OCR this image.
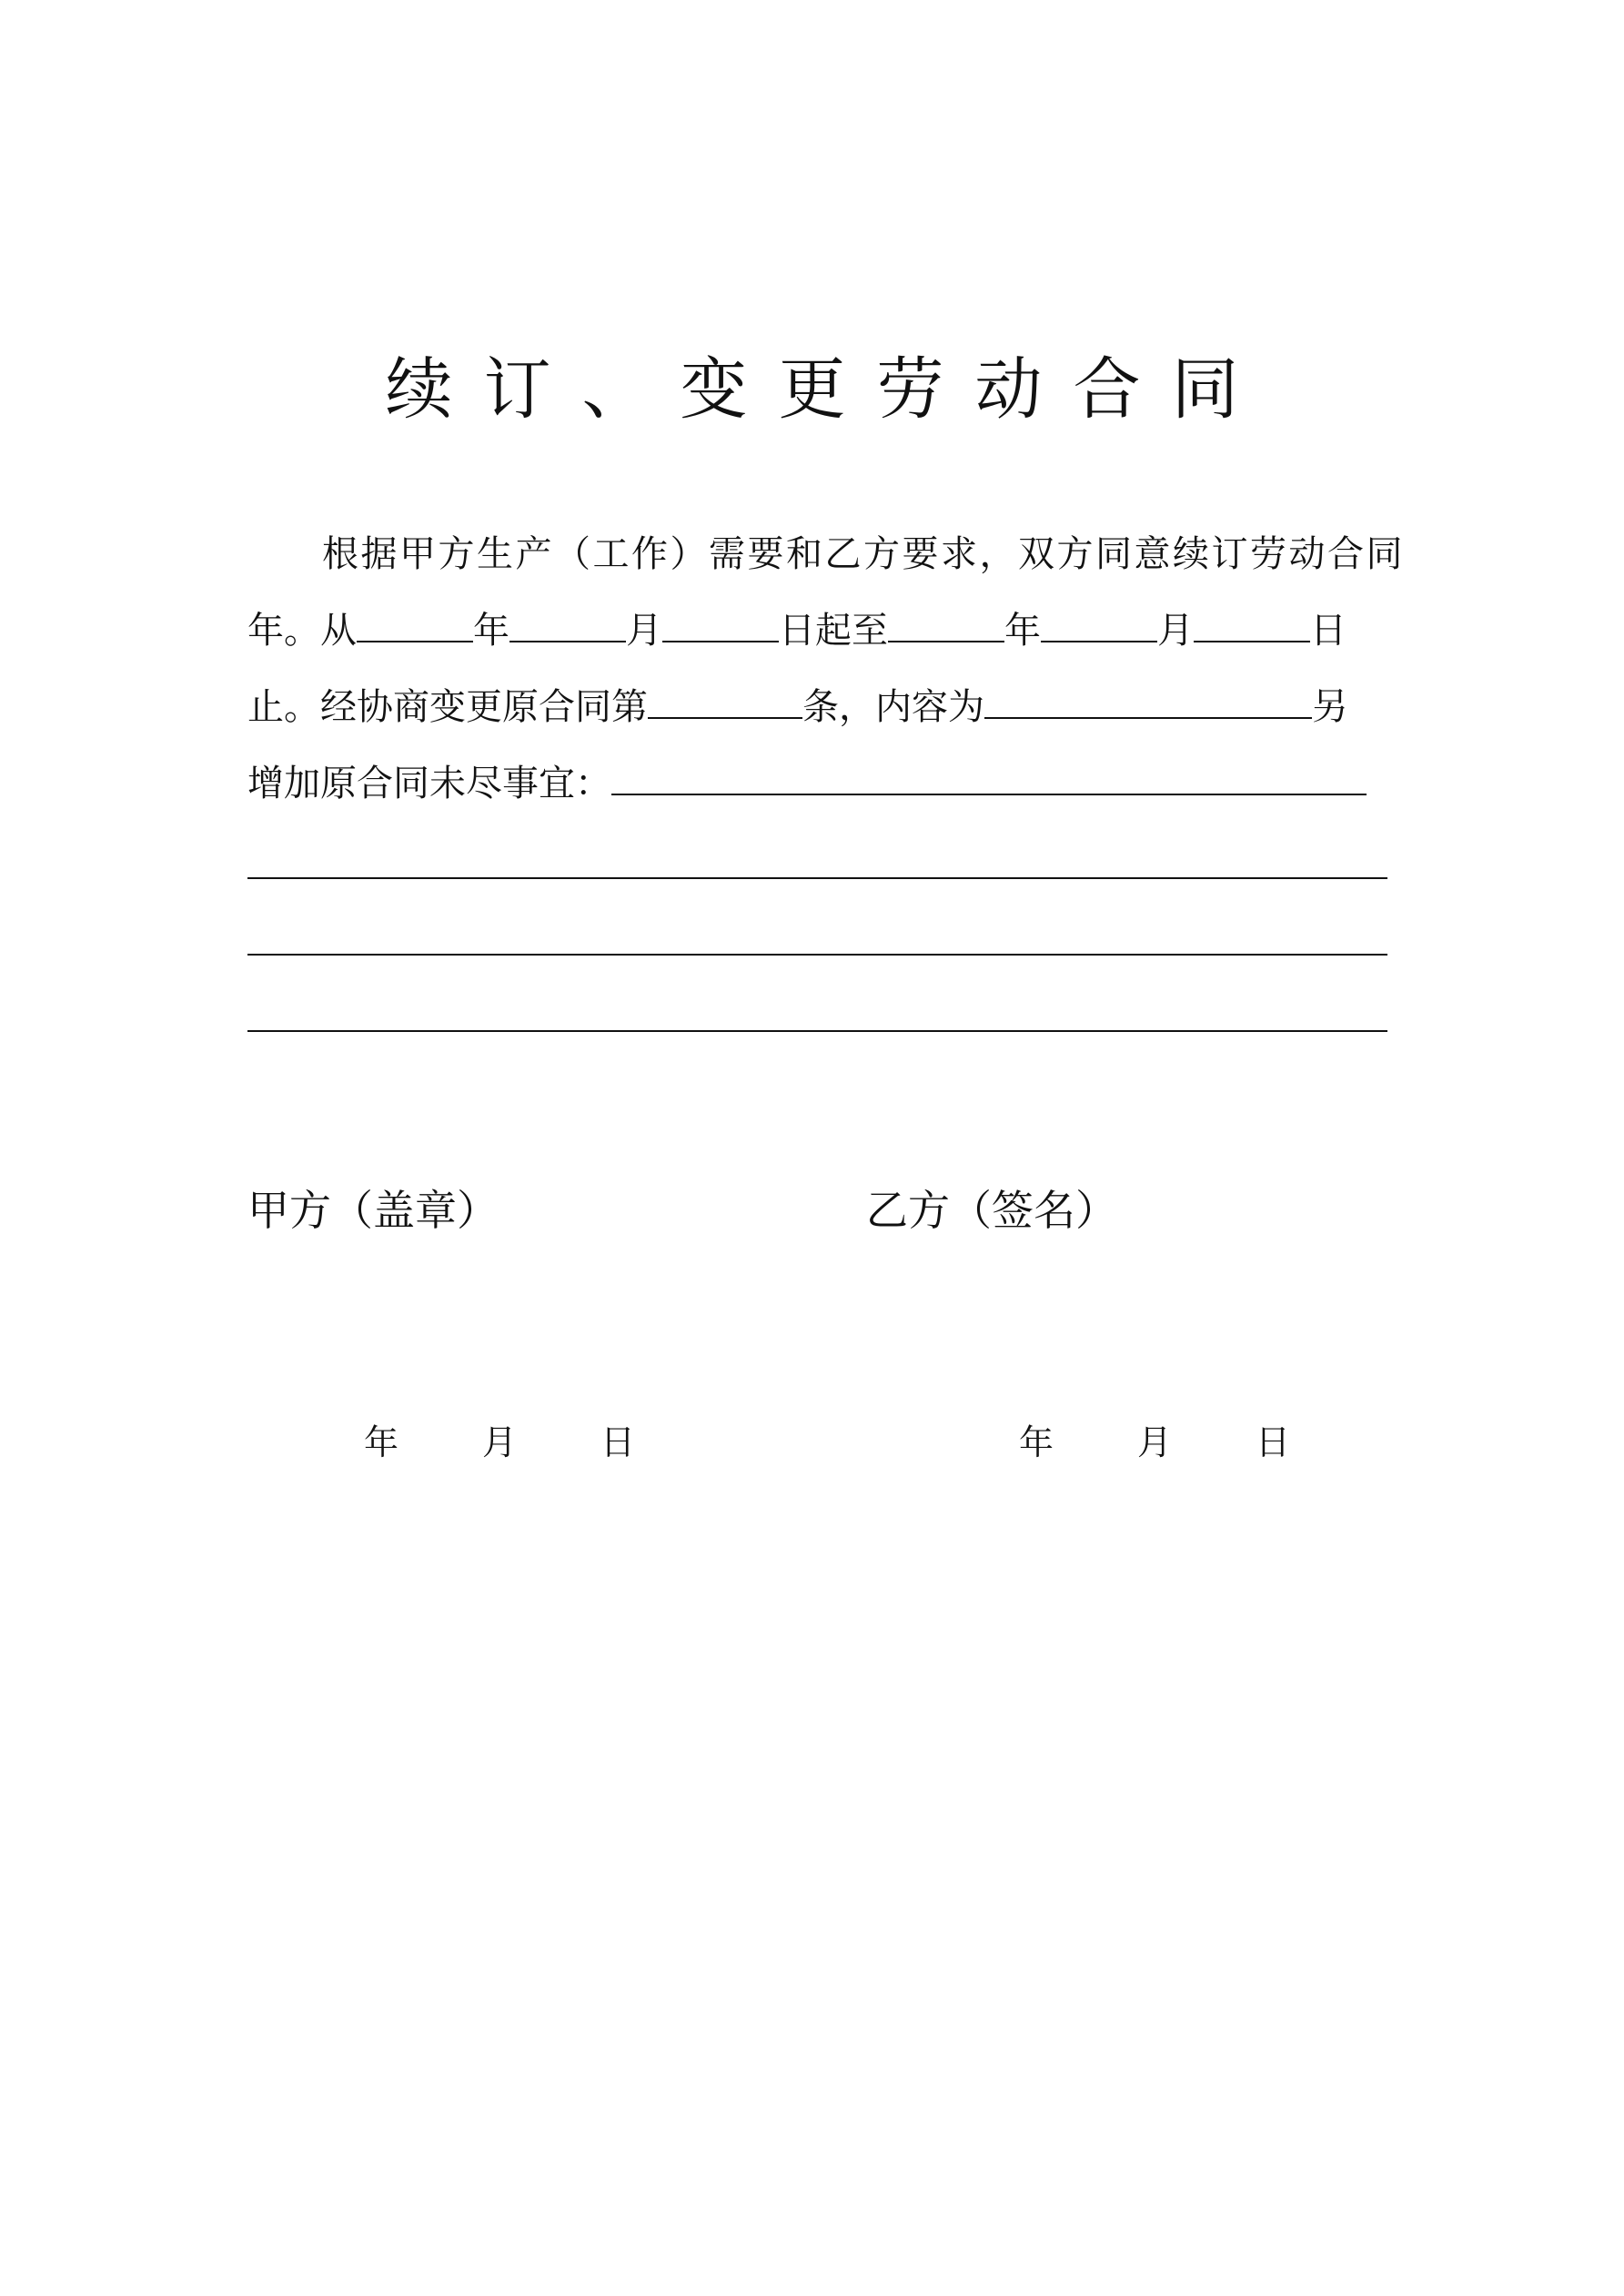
续 订 、 变 更 劳 动 合 同
根据甲方生产（工作）需要和乙方要求，双方同意续订劳动合同
年。从	年	月	日起至	年	月	日
止。经协商变更原合同第	条，内容为	另
增加原合同未尽事宜：
甲方（盖章）	乙方（签名）
年 月 日	年 月 日
